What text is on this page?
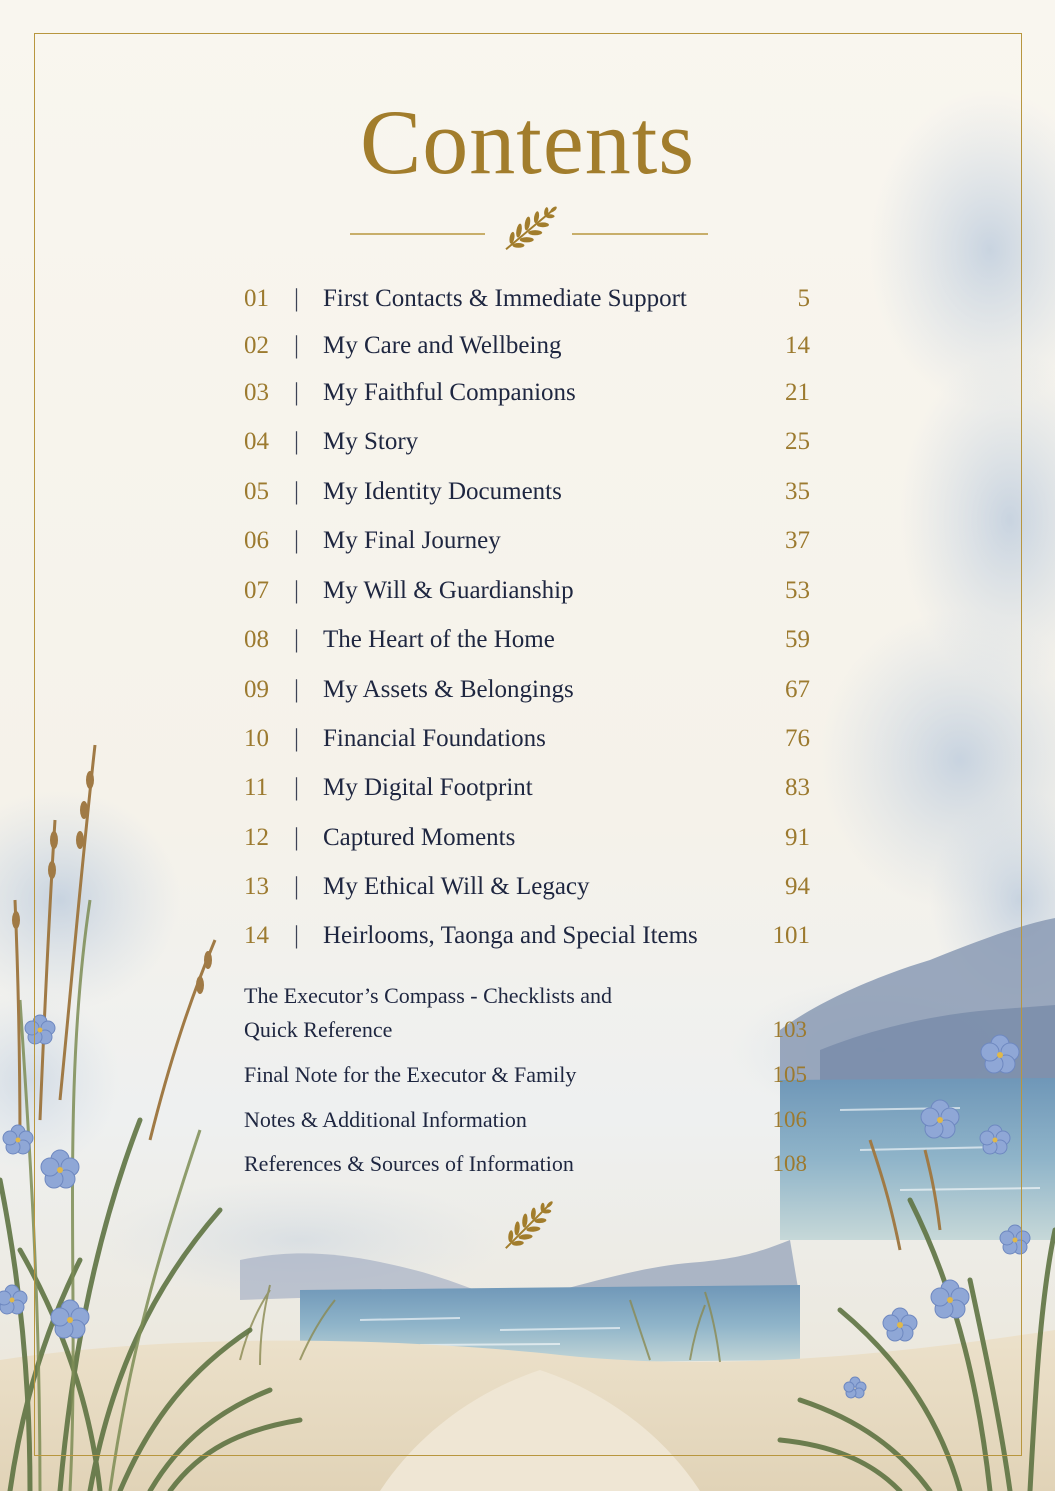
Contents
01 | First Contacts & Immediate Support	5
02 | My Care and Wellbeing	14
03 | My Faithful Companions	21
04 | My Story	25
05 | My Identity Documents	35
06 | My Final Journey	37
07 | My Will & Guardianship	53
08 | The Heart of the Home	59
09 | My Assets & Belongings	67
10 | Financial Foundations	76
11 | My Digital Footprint	83
12 | Captured Moments	91
13 | My Ethical Will & Legacy	94
14 | Heirlooms, Taonga and Special Items	101
The Executor’s Compass - Checklists and
Quick Reference	103
Final Note for the Executor & Family	105
Notes & Additional Information	106
References & Sources of Information	108
